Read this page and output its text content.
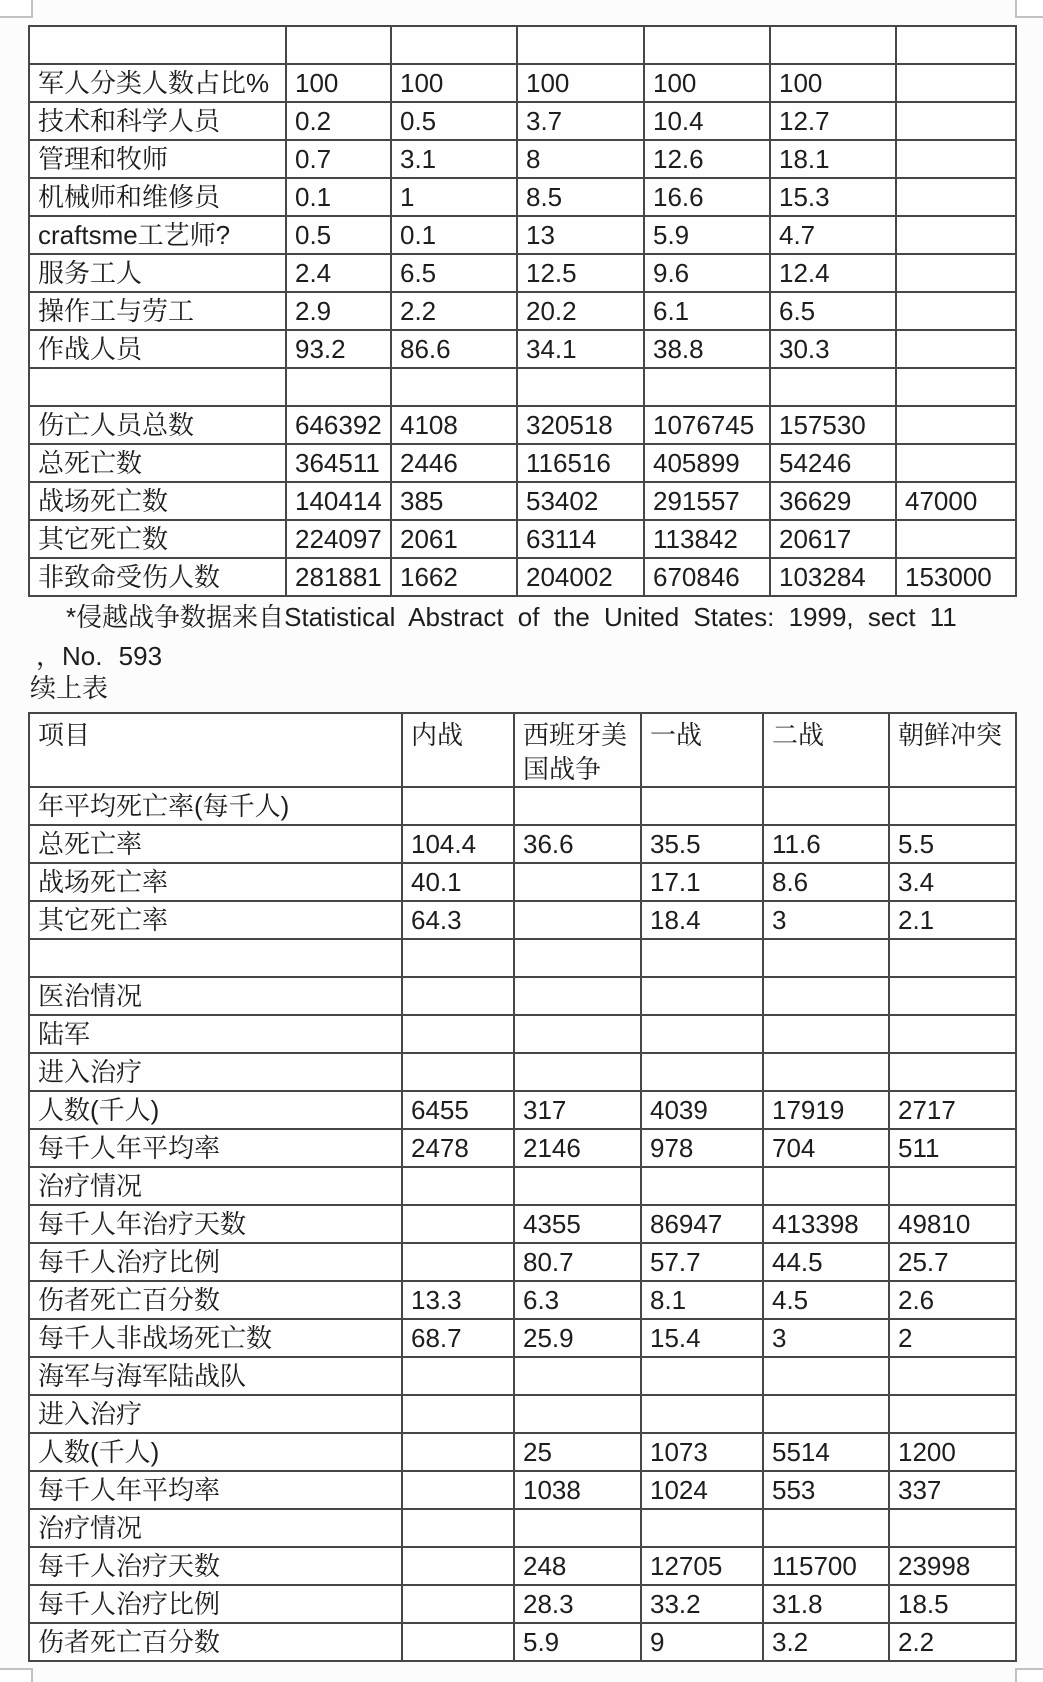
军人分类人数占比%	100	100	100	100	100	
技术和科学人员	0.2	0.5	3.7	10.4	12.7	
管理和牧师	0.7	3.1	8	12.6	18.1	
机械师和维修员	0.1	1	8.5	16.6	15.3	
craftsme工艺师?	0.5	0.1	13	5.9	4.7	
服务工人	2.4	6.5	12.5	9.6	12.4	
操作工与劳工	2.9	2.2	20.2	6.1	6.5	
作战人员	93.2	86.6	34.1	38.8	30.3	

伤亡人员总数	646392	4108	320518	1076745	157530	
总死亡数	364511	2446	116516	405899	54246	
战场死亡数	140414	385	53402	291557	36629	47000
其它死亡数	224097	2061	63114	113842	20617	
非致命受伤人数	281881	1662	204002	670846	103284	153000
*侵越战争数据来自Statistical Abstract of the United States: 1999, sect 11
，No. 593
续上表
项目	内战	西班牙美国战争	一战	二战	朝鲜冲突
年平均死亡率(每千人)					
总死亡率	104.4	36.6	35.5	11.6	5.5
战场死亡率	40.1		17.1	8.6	3.4
其它死亡率	64.3		18.4	3	2.1

医治情况					
陆军					
进入治疗					
人数(千人)	6455	317	4039	17919	2717
每千人年平均率	2478	2146	978	704	511
治疗情况					
每千人年治疗天数		4355	86947	413398	49810
每千人治疗比例		80.7	57.7	44.5	25.7
伤者死亡百分数	13.3	6.3	8.1	4.5	2.6
每千人非战场死亡数	68.7	25.9	15.4	3	2
海军与海军陆战队					
进入治疗					
人数(千人)		25	1073	5514	1200
每千人年平均率		1038	1024	553	337
治疗情况					
每千人治疗天数		248	12705	115700	23998
每千人治疗比例		28.3	33.2	31.8	18.5
伤者死亡百分数		5.9	9	3.2	2.2
